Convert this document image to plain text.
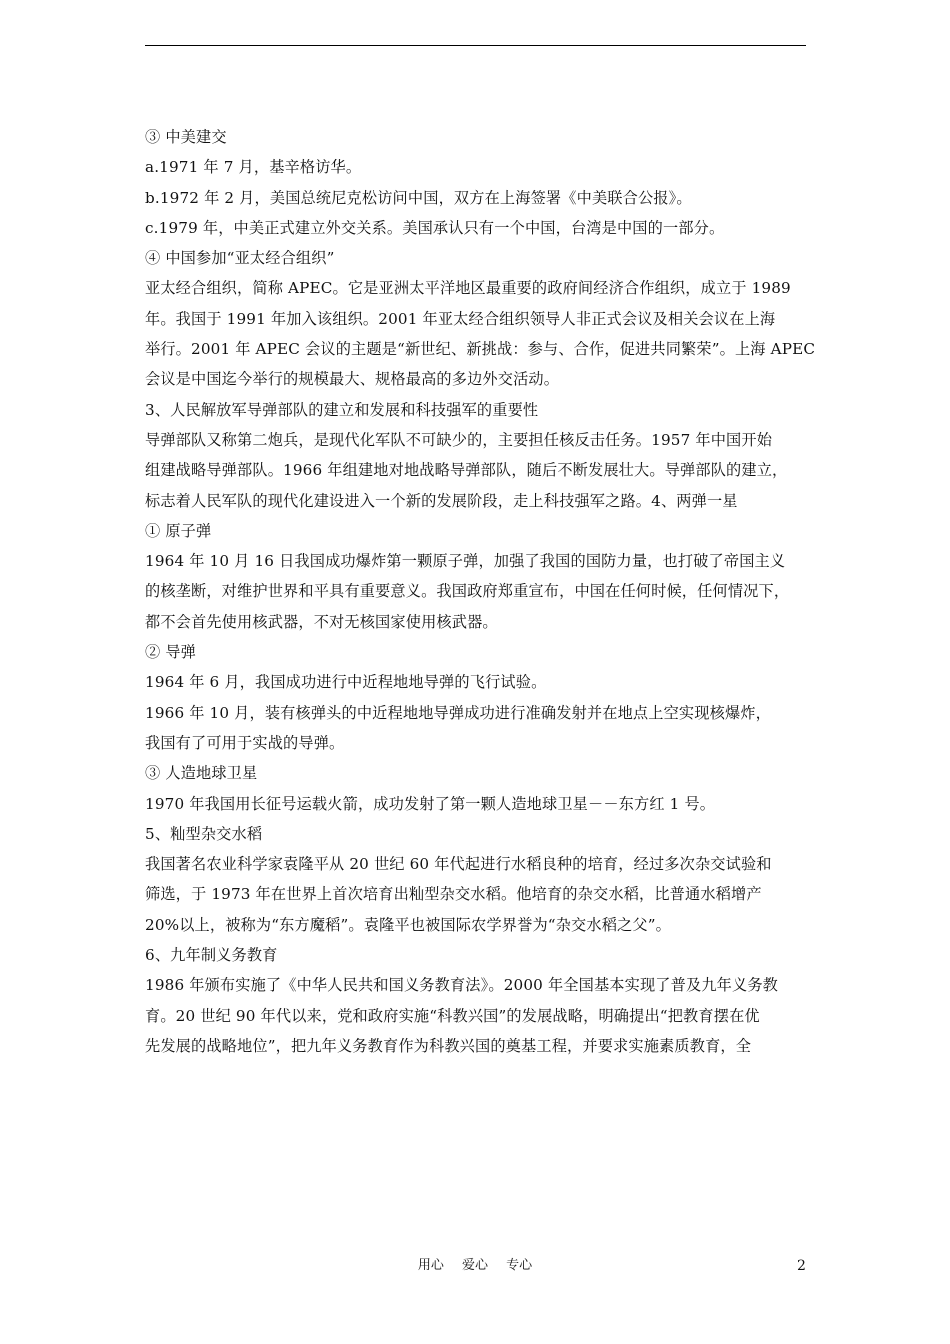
③ 中美建交

a.1971 年 7 月，基辛格访华。

b.1972 年 2 月，美国总统尼克松访问中国，双方在上海签署《中美联合公报》。

c.1979 年，中美正式建立外交关系。美国承认只有一个中国，台湾是中国的一部分。

④ 中国参加“亚太经合组织”

亚太经合组织，简称 APEC。它是亚洲太平洋地区最重要的政府间经济合作组织，成立于 1989

年。我国于 1991 年加入该组织。2001 年亚太经合组织领导人非正式会议及相关会议在上海

举行。2001 年 APEC 会议的主题是“新世纪、新挑战：参与、合作，促进共同繁荣”。上海 APEC

会议是中国迄今举行的规模最大、规格最高的多边外交活动。

3、人民解放军导弹部队的建立和发展和科技强军的重要性

导弹部队又称第二炮兵，是现代化军队不可缺少的，主要担任核反击任务。1957 年中国开始

组建战略导弹部队。1966 年组建地对地战略导弹部队，随后不断发展壮大。导弹部队的建立，

标志着人民军队的现代化建设进入一个新的发展阶段，走上科技强军之路。4、两弹一星

① 原子弹

1964 年 10 月 16 日我国成功爆炸第一颗原子弹，加强了我国的国防力量，也打破了帝国主义

的核垄断，对维护世界和平具有重要意义。我国政府郑重宣布，中国在任何时候，任何情况下，

都不会首先使用核武器，不对无核国家使用核武器。

② 导弹

1964 年 6 月，我国成功进行中近程地地导弹的飞行试验。

1966 年 10 月，装有核弹头的中近程地地导弹成功进行准确发射并在地点上空实现核爆炸，

我国有了可用于实战的导弹。

③ 人造地球卫星

1970 年我国用长征号运载火箭，成功发射了第一颗人造地球卫星－－东方红 1 号。

5、籼型杂交水稻

我国著名农业科学家袁隆平从 20 世纪 60 年代起进行水稻良种的培育，经过多次杂交试验和

筛选，于 1973 年在世界上首次培育出籼型杂交水稻。他培育的杂交水稻，比普通水稻增产

20%以上，被称为“东方魔稻”。袁隆平也被国际农学界誉为“杂交水稻之父”。

6、九年制义务教育

1986 年颁布实施了《中华人民共和国义务教育法》。2000 年全国基本实现了普及九年义务教

育。20 世纪 90 年代以来，党和政府实施“科教兴国”的发展战略，明确提出“把教育摆在优

先发展的战略地位”，把九年义务教育作为科教兴国的奠基工程，并要求实施素质教育，全

用心 爱心 专心	2
